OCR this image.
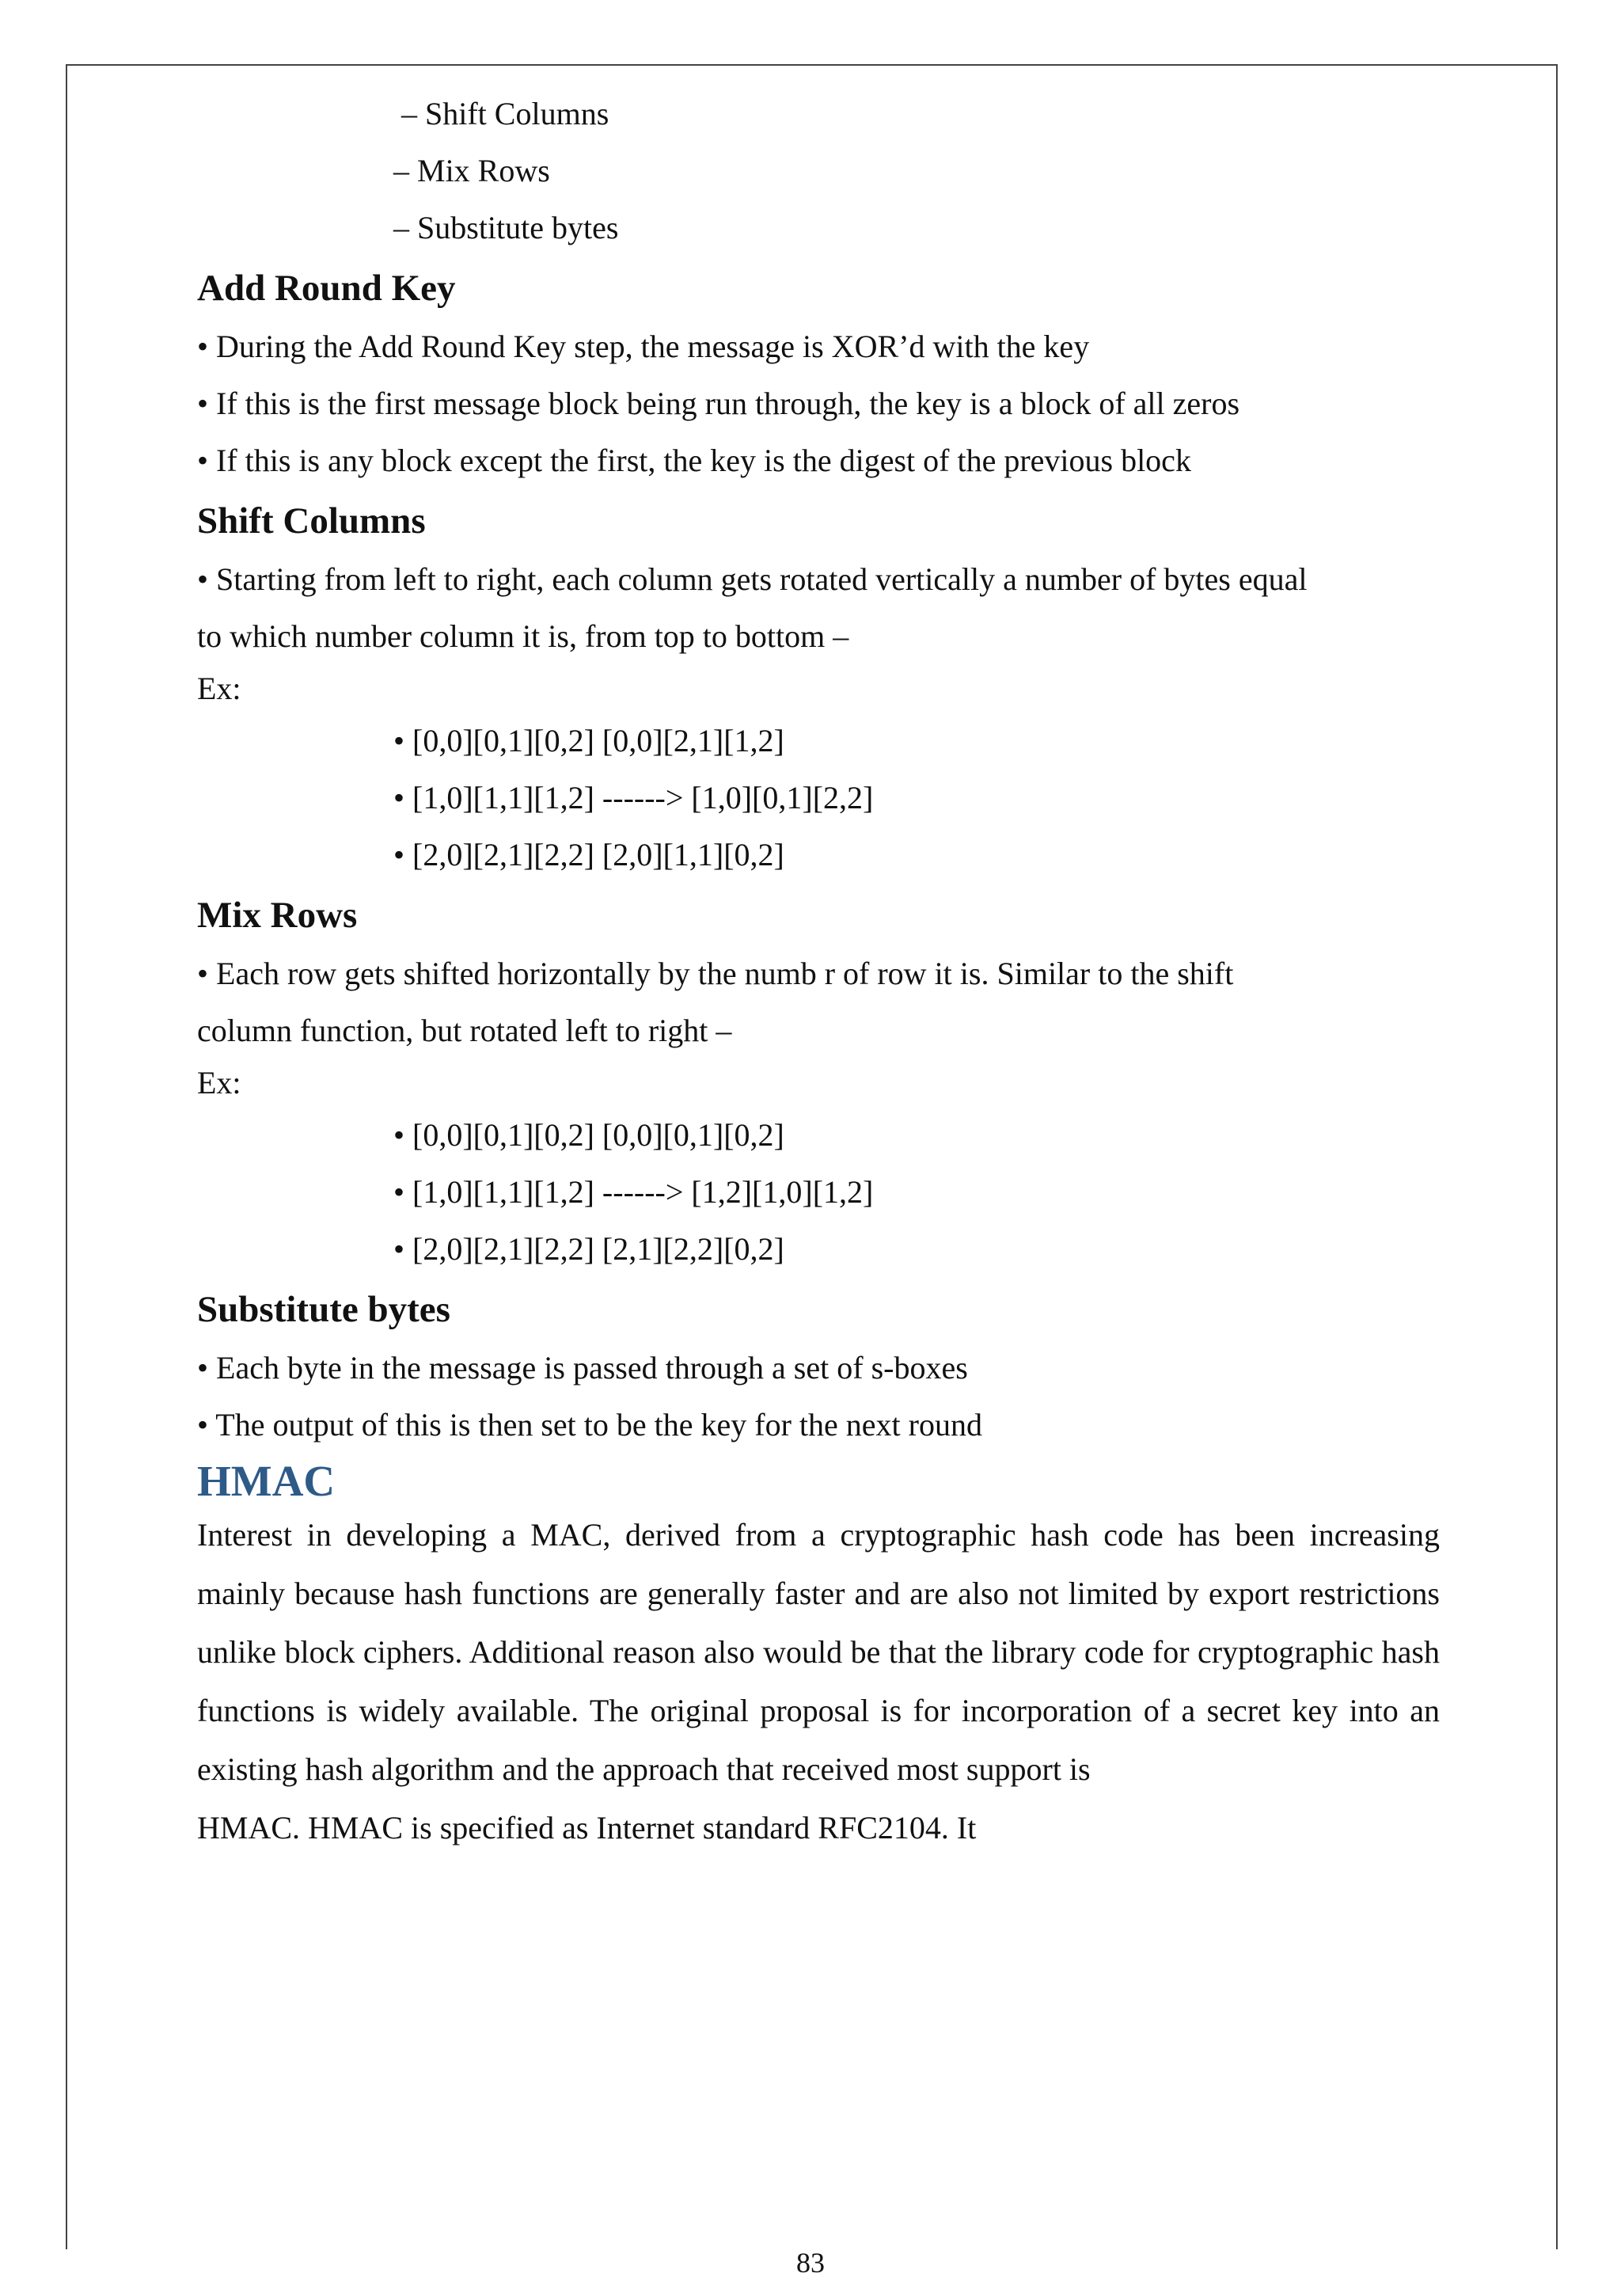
– Shift Columns
– Mix Rows
– Substitute bytes
Add Round Key
• During the Add Round Key step, the message is XOR’d with the key
• If this is the first message block being run through, the key is a block of all zeros
• If this is any block except the first, the key is the digest of the previous block
Shift Columns
• Starting from left to right, each column gets rotated vertically a number of bytes equal
to which number column it is, from top to bottom –
Ex:
• [0,0][0,1][0,2] [0,0][2,1][1,2]
• [1,0][1,1][1,2] ------> [1,0][0,1][2,2]
• [2,0][2,1][2,2] [2,0][1,1][0,2]
Mix Rows
• Each row gets shifted horizontally by the numb r of row it is. Similar to the shift
column function, but rotated left to right –
Ex:
• [0,0][0,1][0,2] [0,0][0,1][0,2]
• [1,0][1,1][1,2] ------> [1,2][1,0][1,2]
• [2,0][2,1][2,2] [2,1][2,2][0,2]
Substitute bytes
• Each byte in the message is passed through a set of s-boxes
• The output of this is then set to be the key for the next round
HMAC
Interest in developing a MAC, derived from a cryptographic hash code has been increasing mainly because hash functions are generally faster and are also not limited by export restrictions unlike block ciphers. Additional reason also would be that the library code for cryptographic hash functions is widely available. The original proposal is for incorporation of a secret key into an existing hash algorithm and the approach that received most support is
HMAC. HMAC is specified as Internet standard RFC2104. It
83
